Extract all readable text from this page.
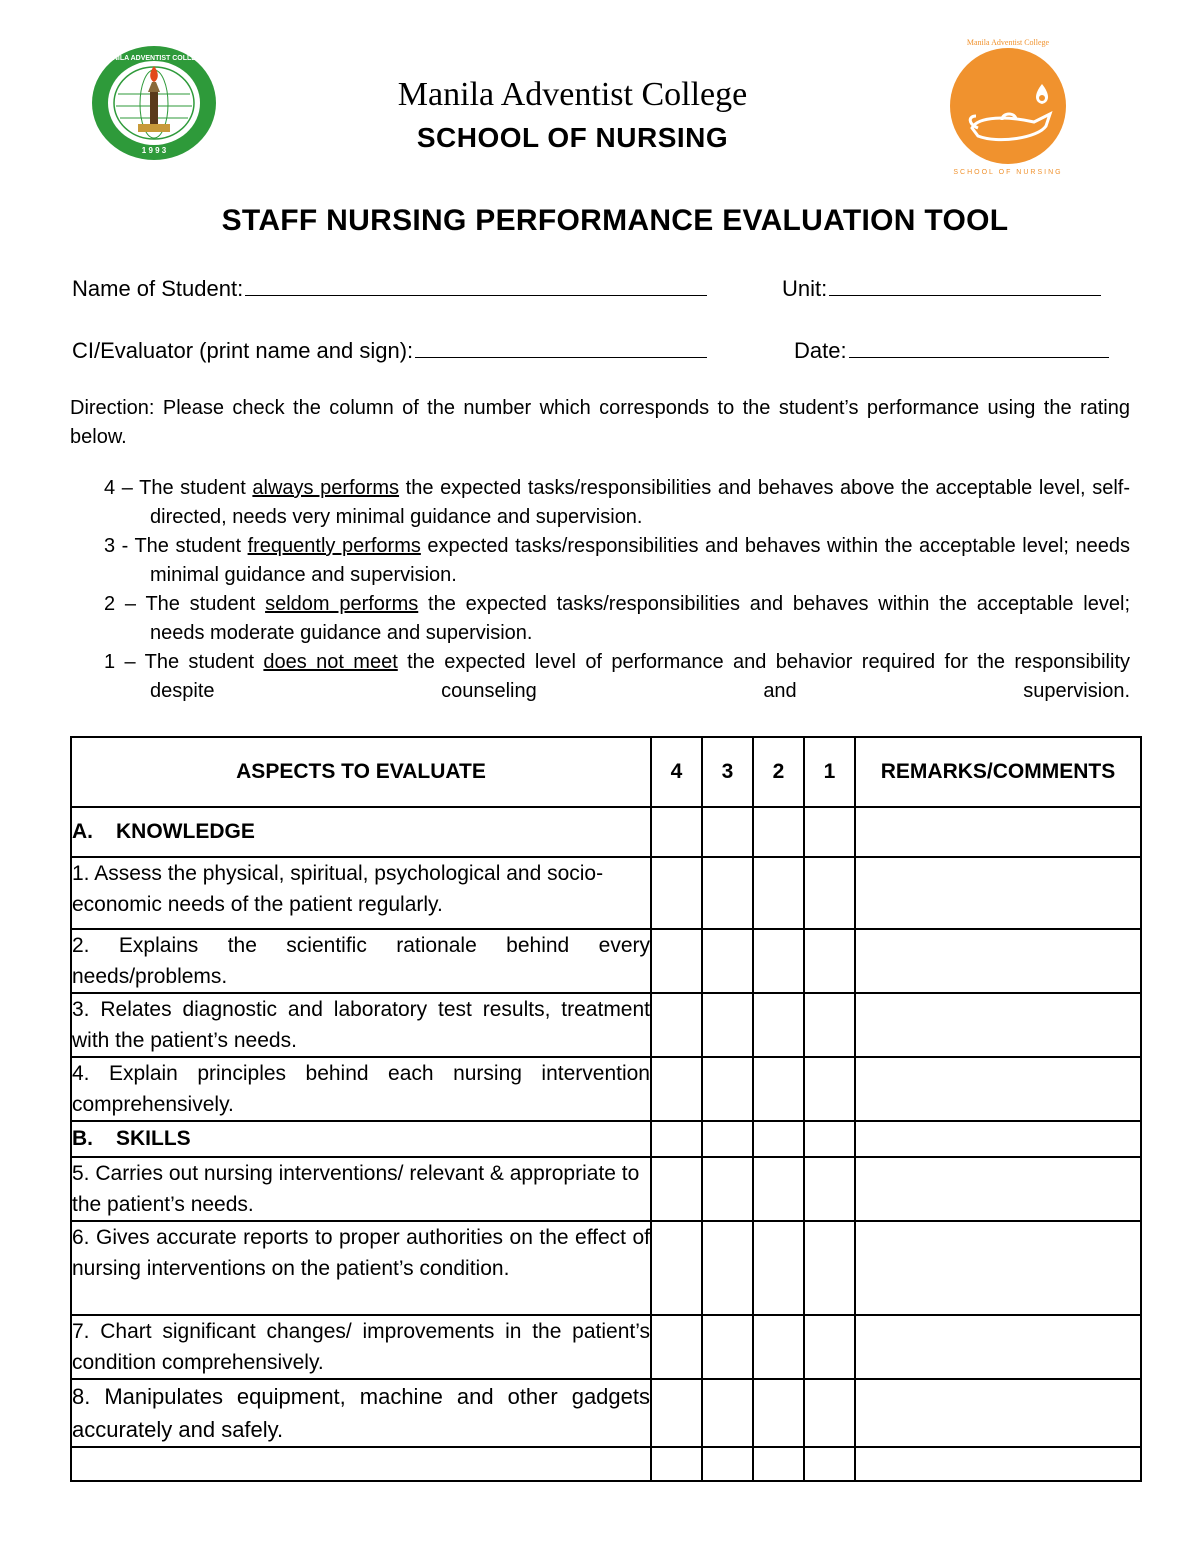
MANILA ADVENTIST COLLEGE
1 9 9 3
Manila Adventist College
SCHOOL OF NURSING
Manila Adventist College
SCHOOL OF NURSING
STAFF NURSING PERFORMANCE EVALUATION TOOL
Name of Student:	Unit:
CI/Evaluator (print name and sign):	Date:
Direction: Please check the column of the number which corresponds to the student’s performance using the rating below.
4 – The student always performs the expected tasks/responsibilities and behaves above the acceptable level, self-directed, needs very minimal guidance and supervision.
3 - The student frequently performs expected tasks/responsibilities and behaves within the acceptable level; needs minimal guidance and supervision.
2 – The student seldom performs the expected tasks/responsibilities and behaves within the acceptable level; needs moderate guidance and supervision.
1 – The student does not meet the expected level of performance and behavior required for the responsibility despite counseling and supervision.
ASPECTS TO EVALUATE	4	3	2	1	REMARKS/COMMENTS
A. KNOWLEDGE					
1. Assess the physical, spiritual, psychological and socio-economic needs of the patient regularly.					
2. Explains the scientific rationale behind every needs/problems.					
3. Relates diagnostic and laboratory test results, treatment with the patient’s needs.					
4. Explain principles behind each nursing intervention comprehensively.					
B. SKILLS					
5. Carries out nursing interventions/ relevant & appropriate to the patient’s needs.					
6. Gives accurate reports to proper authorities on the effect of nursing interventions on the patient’s condition.					
7. Chart significant changes/ improvements in the patient’s condition comprehensively.					
8. Manipulates equipment, machine and other gadgets accurately and safely.					
